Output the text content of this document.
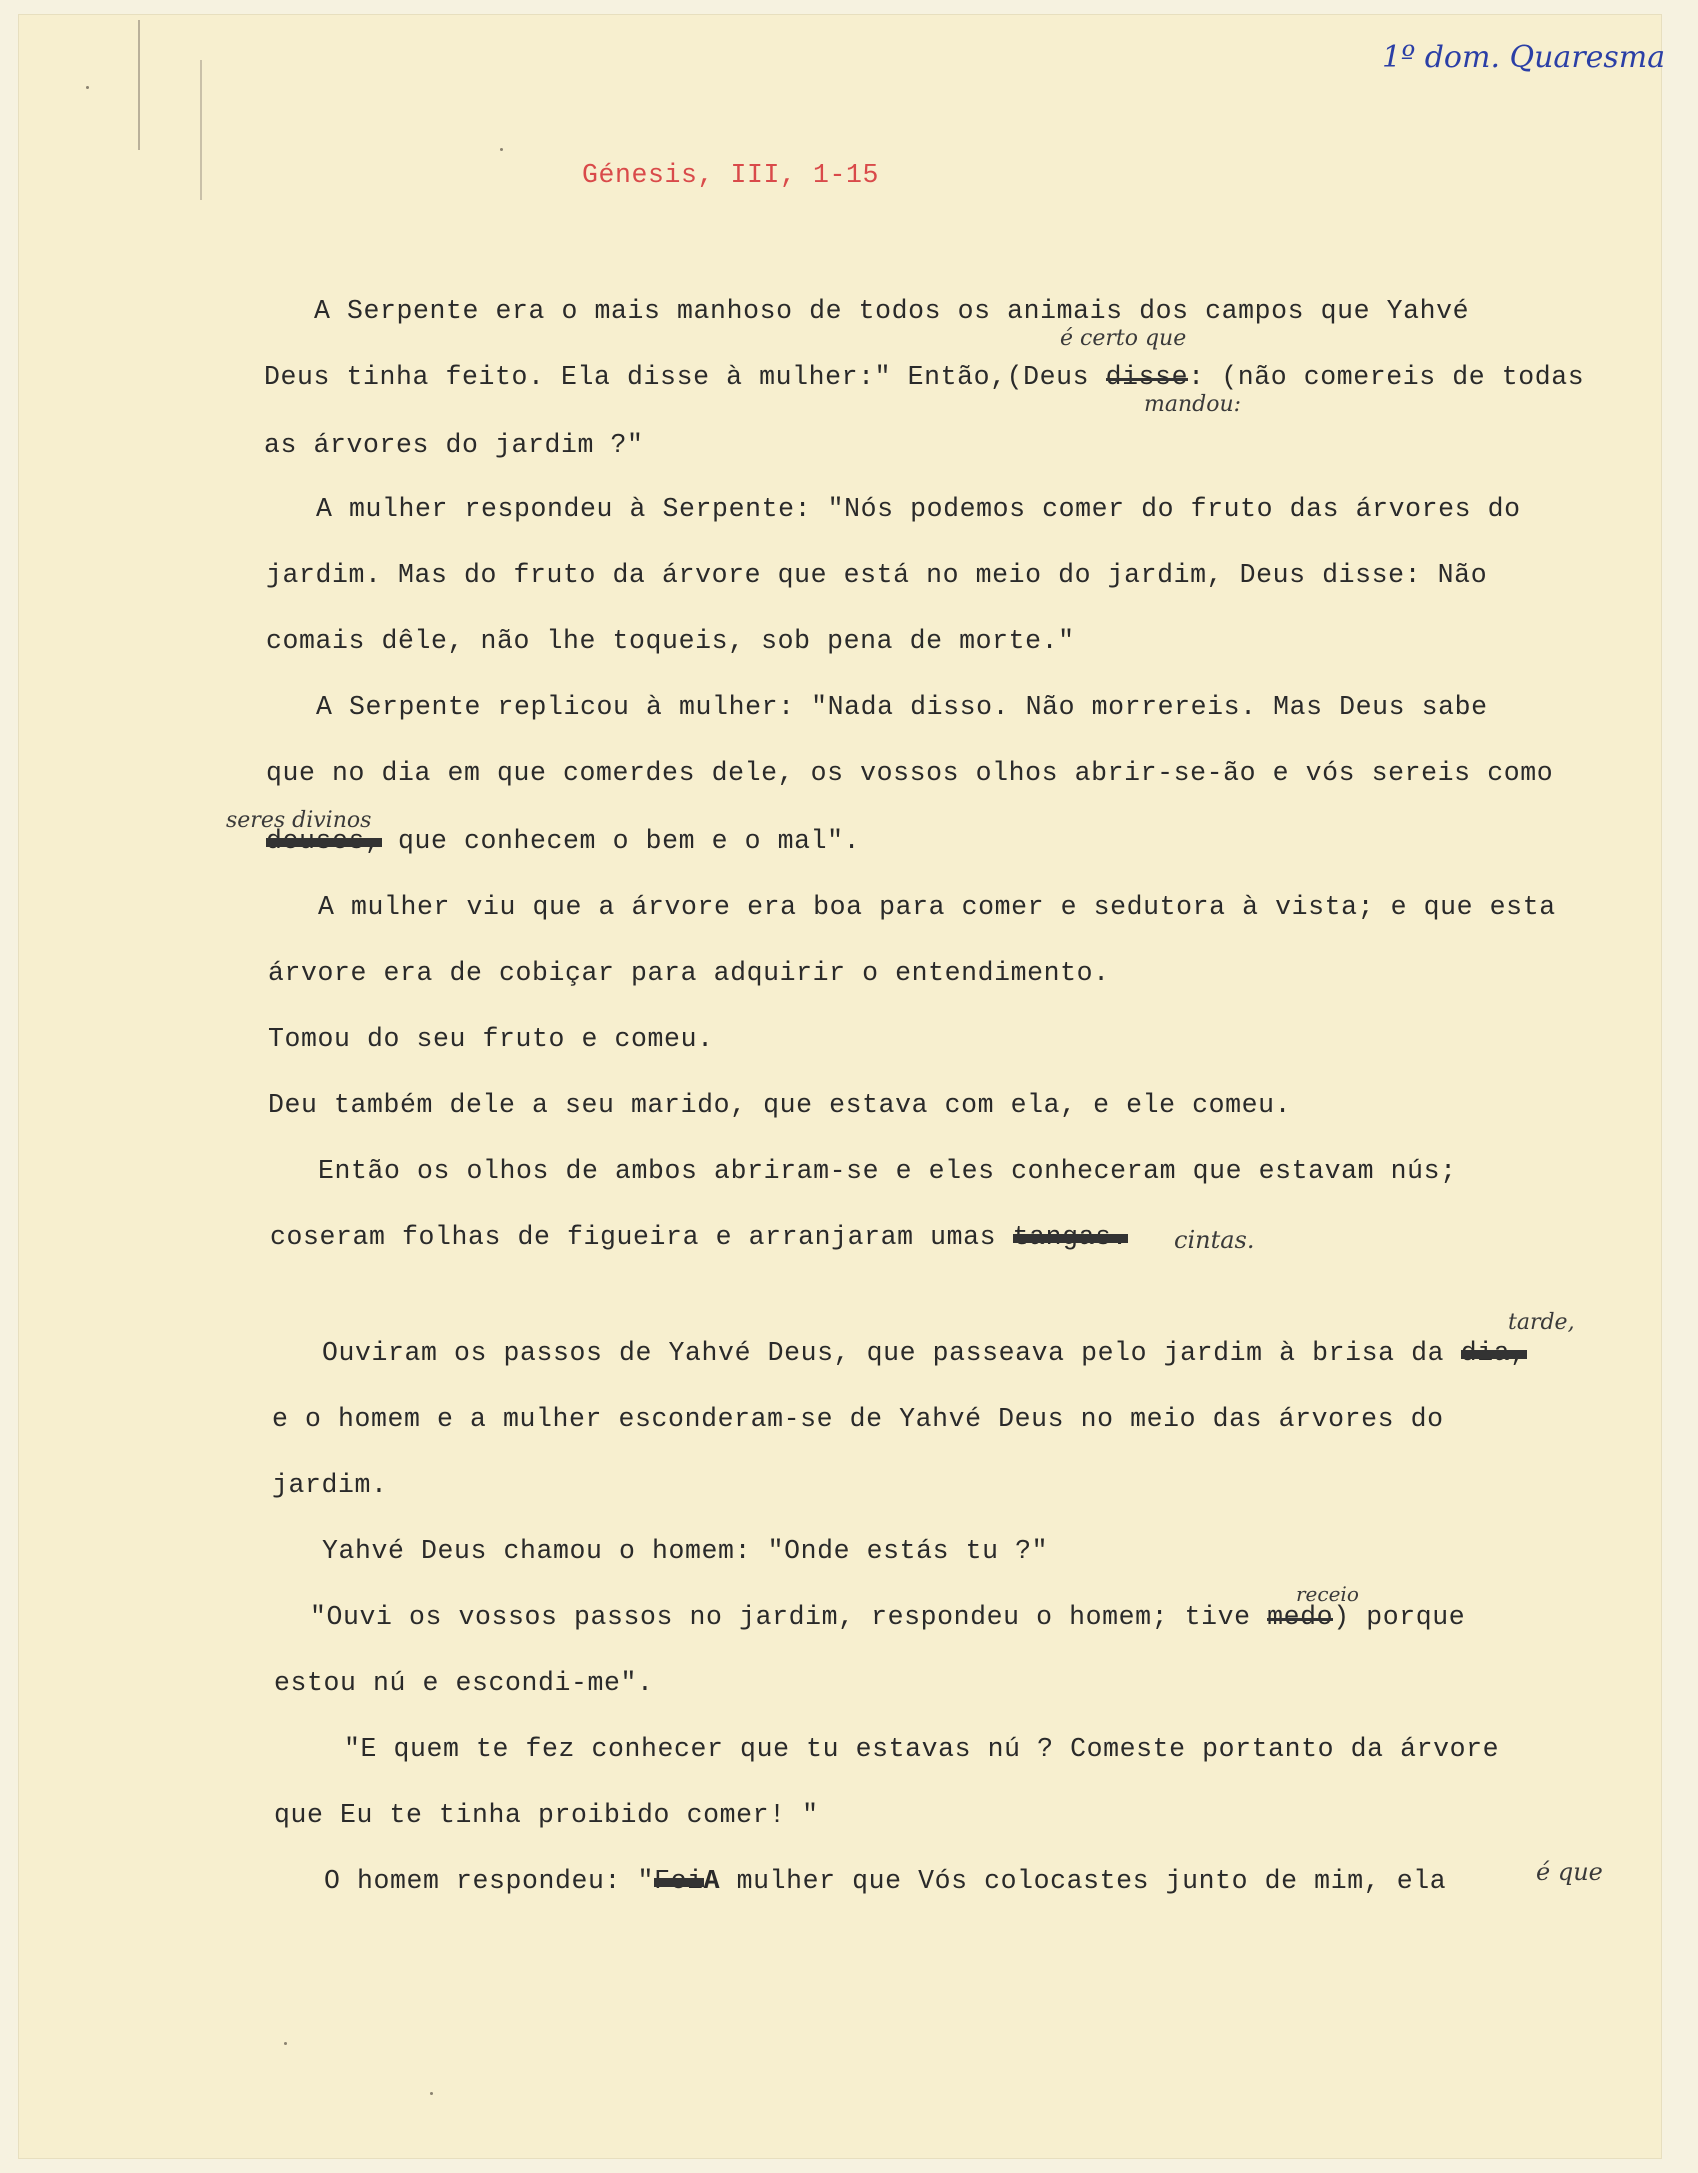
1º dom. Quaresma
Génesis, III, 1-15
A Serpente era o mais manhoso de todos os animais dos campos que Yahvé
é certo que
Deus tinha feito. Ela disse à mulher:" Então,(Deus disse: (não comereis de todas
mandou:
as árvores do jardim ?"
A mulher respondeu à Serpente: "Nós podemos comer do fruto das árvores do
jardim. Mas do fruto da árvore que está no meio do jardim, Deus disse: Não
comais dêle, não lhe toqueis, sob pena de morte."
A Serpente replicou à mulher: "Nada disso. Não morrereis. Mas Deus sabe
que no dia em que comerdes dele, os vossos olhos abrir-se-ão e vós sereis como
seres divinos
deuses, que conhecem o bem e o mal".
A mulher viu que a árvore era boa para comer e sedutora à vista; e que esta
árvore era de cobiçar para adquirir o entendimento.
Tomou do seu fruto e comeu.
Deu também dele a seu marido, que estava com ela, e ele comeu.
Então os olhos de ambos abriram-se e eles conheceram que estavam nús;
coseram folhas de figueira e arranjaram umas tangas. cintas.
tarde,
Ouviram os passos de Yahvé Deus, que passeava pelo jardim à brisa da dia,
e o homem e a mulher esconderam-se de Yahvé Deus no meio das árvores do
jardim.
Yahvé Deus chamou o homem: "Onde estás tu ?"
receio
"Ouvi os vossos passos no jardim, respondeu o homem; tive medo) porque
estou nú e escondi-me".
"E quem te fez conhecer que tu estavas nú ? Comeste portanto da árvore
que Eu te tinha proibido comer! "
O homem respondeu: "FoiA mulher que Vós colocastes junto de mim, ela	é que
